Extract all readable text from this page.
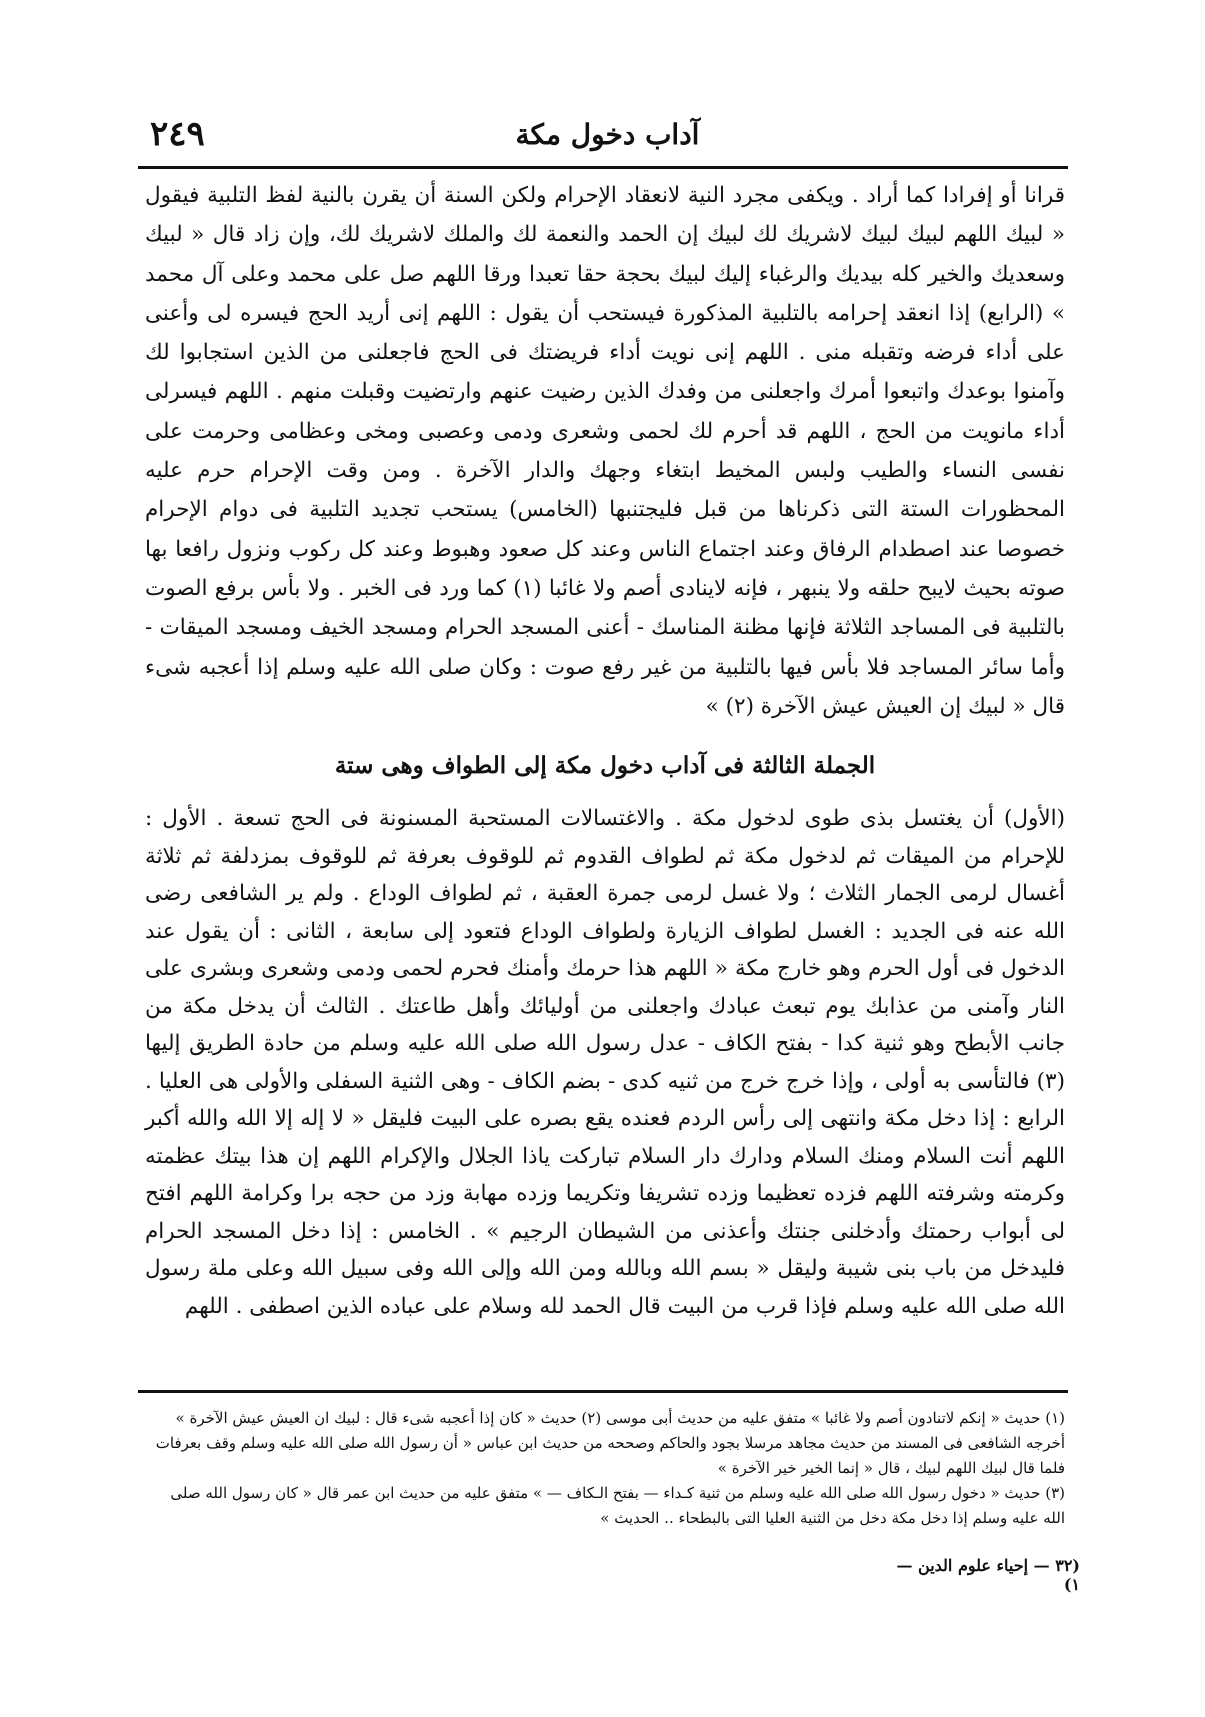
٢٤٩	آداب دخول مكة

قرانا أو إفرادا كما أراد . ويكفى مجرد النية لانعقاد الإحرام ولكن السنة أن يقرن بالنية لفظ التلبية فيقول « لبيك اللهم لبيك لبيك لاشريك لك لبيك إن الحمد والنعمة لك والملك لاشريك لك، وإن زاد قال « لبيك وسعديك والخير كله بيديك والرغباء إليك لبيك بحجة حقا تعبدا ورقا اللهم صل على محمد وعلى آل محمد » (الرابع) إذا انعقد إحرامه بالتلبية المذكورة فيستحب أن يقول : اللهم إنى أريد الحج فيسره لى وأعنى على أداء فرضه وتقبله منى . اللهم إنى نويت أداء فريضتك فى الحج فاجعلنى من الذين استجابوا لك وآمنوا بوعدك واتبعوا أمرك واجعلنى من وفدك الذين رضيت عنهم وارتضيت وقبلت منهم . اللهم فيسرلى أداء مانويت من الحج ، اللهم قد أحرم لك لحمى وشعرى ودمى وعصبى ومخى وعظامى وحرمت على نفسى النساء والطيب ولبس المخيط ابتغاء وجهك والدار الآخرة . ومن وقت الإحرام حرم عليه المحظورات الستة التى ذكرناها من قبل فليجتنبها (الخامس) يستحب تجديد التلبية فى دوام الإحرام خصوصا عند اصطدام الرفاق وعند اجتماع الناس وعند كل صعود وهبوط وعند كل ركوب ونزول رافعا بها صوته بحيث لايبح حلقه ولا ينبهر ، فإنه لاينادى أصم ولا غائبا (١) كما ورد فى الخبر . ولا بأس برفع الصوت بالتلبية فى المساجد الثلاثة فإنها مظنة المناسك - أعنى المسجد الحرام ومسجد الخيف ومسجد الميقات - وأما سائر المساجد فلا بأس فيها بالتلبية من غير رفع صوت : وكان صلى الله عليه وسلم إذا أعجبه شىء قال « لبيك إن العيش عيش الآخرة (٢) »

الجملة الثالثة فى آداب دخول مكة إلى الطواف وهى ستة

(الأول) أن يغتسل بذى طوى لدخول مكة . والاغتسالات المستحبة المسنونة فى الحج تسعة . الأول : للإحرام من الميقات ثم لدخول مكة ثم لطواف القدوم ثم للوقوف بعرفة ثم للوقوف بمزدلفة ثم ثلاثة أغسال لرمى الجمار الثلاث ؛ ولا غسل لرمى جمرة العقبة ، ثم لطواف الوداع . ولم ير الشافعى رضى الله عنه فى الجديد : الغسل لطواف الزيارة ولطواف الوداع فتعود إلى سابعة ، الثانى : أن يقول عند الدخول فى أول الحرم وهو خارج مكة « اللهم هذا حرمك وأمنك فحرم لحمى ودمى وشعرى وبشرى على النار وآمنى من عذابك يوم تبعث عبادك واجعلنى من أوليائك وأهل طاعتك . الثالث أن يدخل مكة من جانب الأبطح وهو ثنية كدا - بفتح الكاف - عدل رسول الله صلى الله عليه وسلم من حادة الطريق إليها (٣) فالتأسى به أولى ، وإذا خرج خرج من ثنيه كدى - بضم الكاف - وهى الثنية السفلى والأولى هى العليا . الرابع : إذا دخل مكة وانتهى إلى رأس الردم فعنده يقع بصره على البيت فليقل « لا إله إلا الله والله أكبر اللهم أنت السلام ومنك السلام ودارك دار السلام تباركت ياذا الجلال والإكرام اللهم إن هذا بيتك عظمته وكرمته وشرفته اللهم فزده تعظيما وزده تشريفا وتكريما وزده مهابة وزد من حجه برا وكرامة اللهم افتح لى أبواب رحمتك وأدخلنى جنتك وأعذنى من الشيطان الرجيم » . الخامس : إذا دخل المسجد الحرام فليدخل من باب بنى شيبة وليقل « بسم الله وبالله ومن الله وإلى الله وفى سبيل الله وعلى ملة رسول الله صلى الله عليه وسلم فإذا قرب من البيت قال الحمد لله وسلام على عباده الذين اصطفى . اللهم

(١) حديث « إنكم لاتنادون أصم ولا غائبا » متفق عليه من حديث أبى موسى (٢) حديث « كان إذا أعجبه شىء قال : لبيك ان العيش عيش الآخرة » أخرجه الشافعى فى المسند من حديث مجاهد مرسلا بجود والحاكم وصححه من حديث ابن عباس « أن رسول الله صلى الله عليه وسلم وقف بعرفات فلما قال لبيك اللهم لبيك ، قال « إنما الخير خير الآخرة »

(٣) حديث « دخول رسول الله صلى الله عليه وسلم من ثنية كـداء — بفتح الـكاف — » متفق عليه من حديث ابن عمر قال « كان رسول الله صلى الله عليه وسلم إذا دخل مكة دخل من الثنية العليا التى بالبطحاء .. الحديث »

(٣٢ — إحياء علوم الدين — ١)
